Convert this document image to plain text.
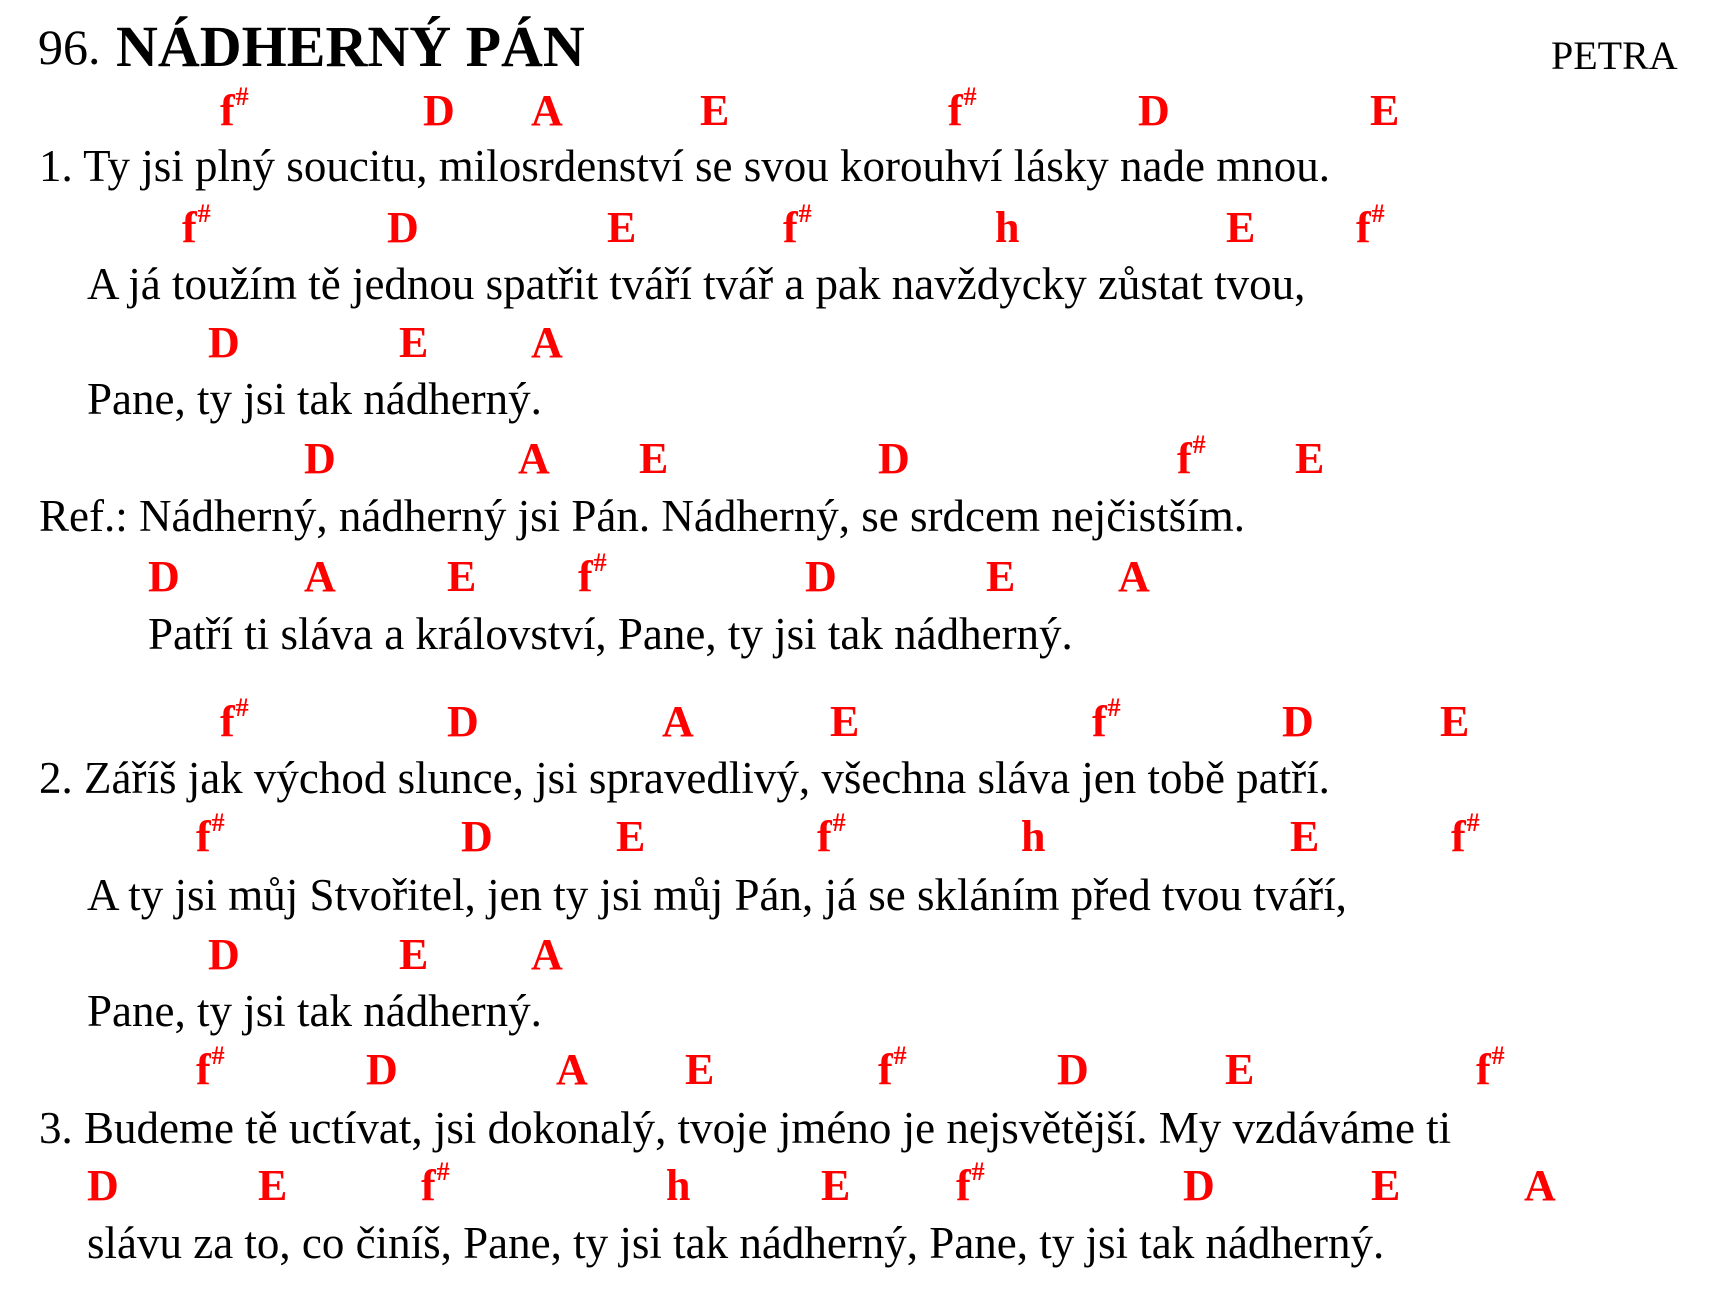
96. NÁDHERNÝ PÁN	PETRA
f#	D A	E	f#	D	E
1. Ty jsi plný soucitu, milosrdenství se svou korouhví lásky nade mnou.
f#	D	E	f#	h	E f#
A já toužím tě jednou spatřit tváří tvář a pak navždycky zůstat tvou,
D	E A
Pane, ty jsi tak nádherný.
D	A E	D	f# E
Ref.: Nádherný, nádherný jsi Pán. Nádherný, se srdcem nejčistším.
D	A	E f#	D	E A
Patří ti sláva a království, Pane, ty jsi tak nádherný.
f#	D	A	E	f#	D	E
2. Záříš jak východ slunce, jsi spravedlivý, všechna sláva jen tobě patří.
f#	D	E	f#	h	E	f#
A ty jsi můj Stvořitel, jen ty jsi můj Pán, já se skláním před tvou tváří,
D	E A
Pane, ty jsi tak nádherný.
f#	D	A E	f#	D	E	f#
3. Budeme tě uctívat, jsi dokonalý, tvoje jméno je nejsvětější. My vzdáváme ti
D	E	f#	h	E f#	D	E	A
slávu za to, co činíš, Pane, ty jsi tak nádherný, Pane, ty jsi tak nádherný.
